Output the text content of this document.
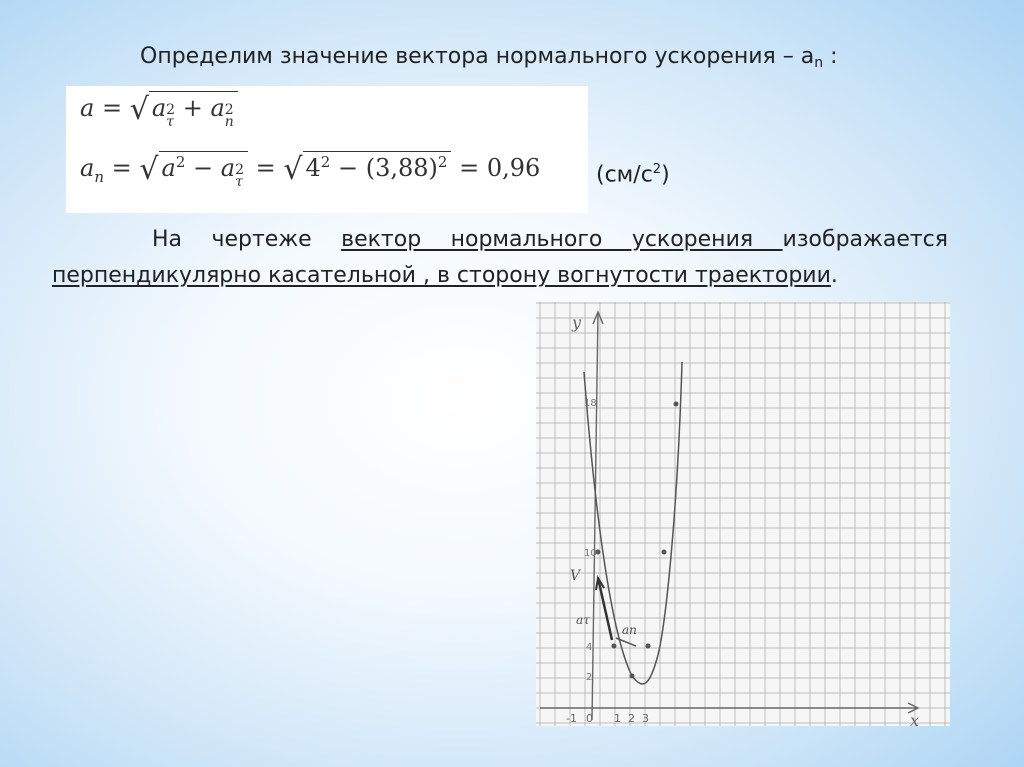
Определим значение вектора нормального ускорения – $a_n$ :
a = √ a 2
τ + a 2
n
$a_n$ = √ $a^2 - a$ 2
τ = √ $4^2 - (3,88)^2 = 0,96$	$(см/с^2)$
На чертеже вектор нормального ускорения изображается
перпендикулярно касательной , в сторону вогнутости траектории.
x
y
V
aτ
an
18
10
4
2
-1 0 1 2 3
